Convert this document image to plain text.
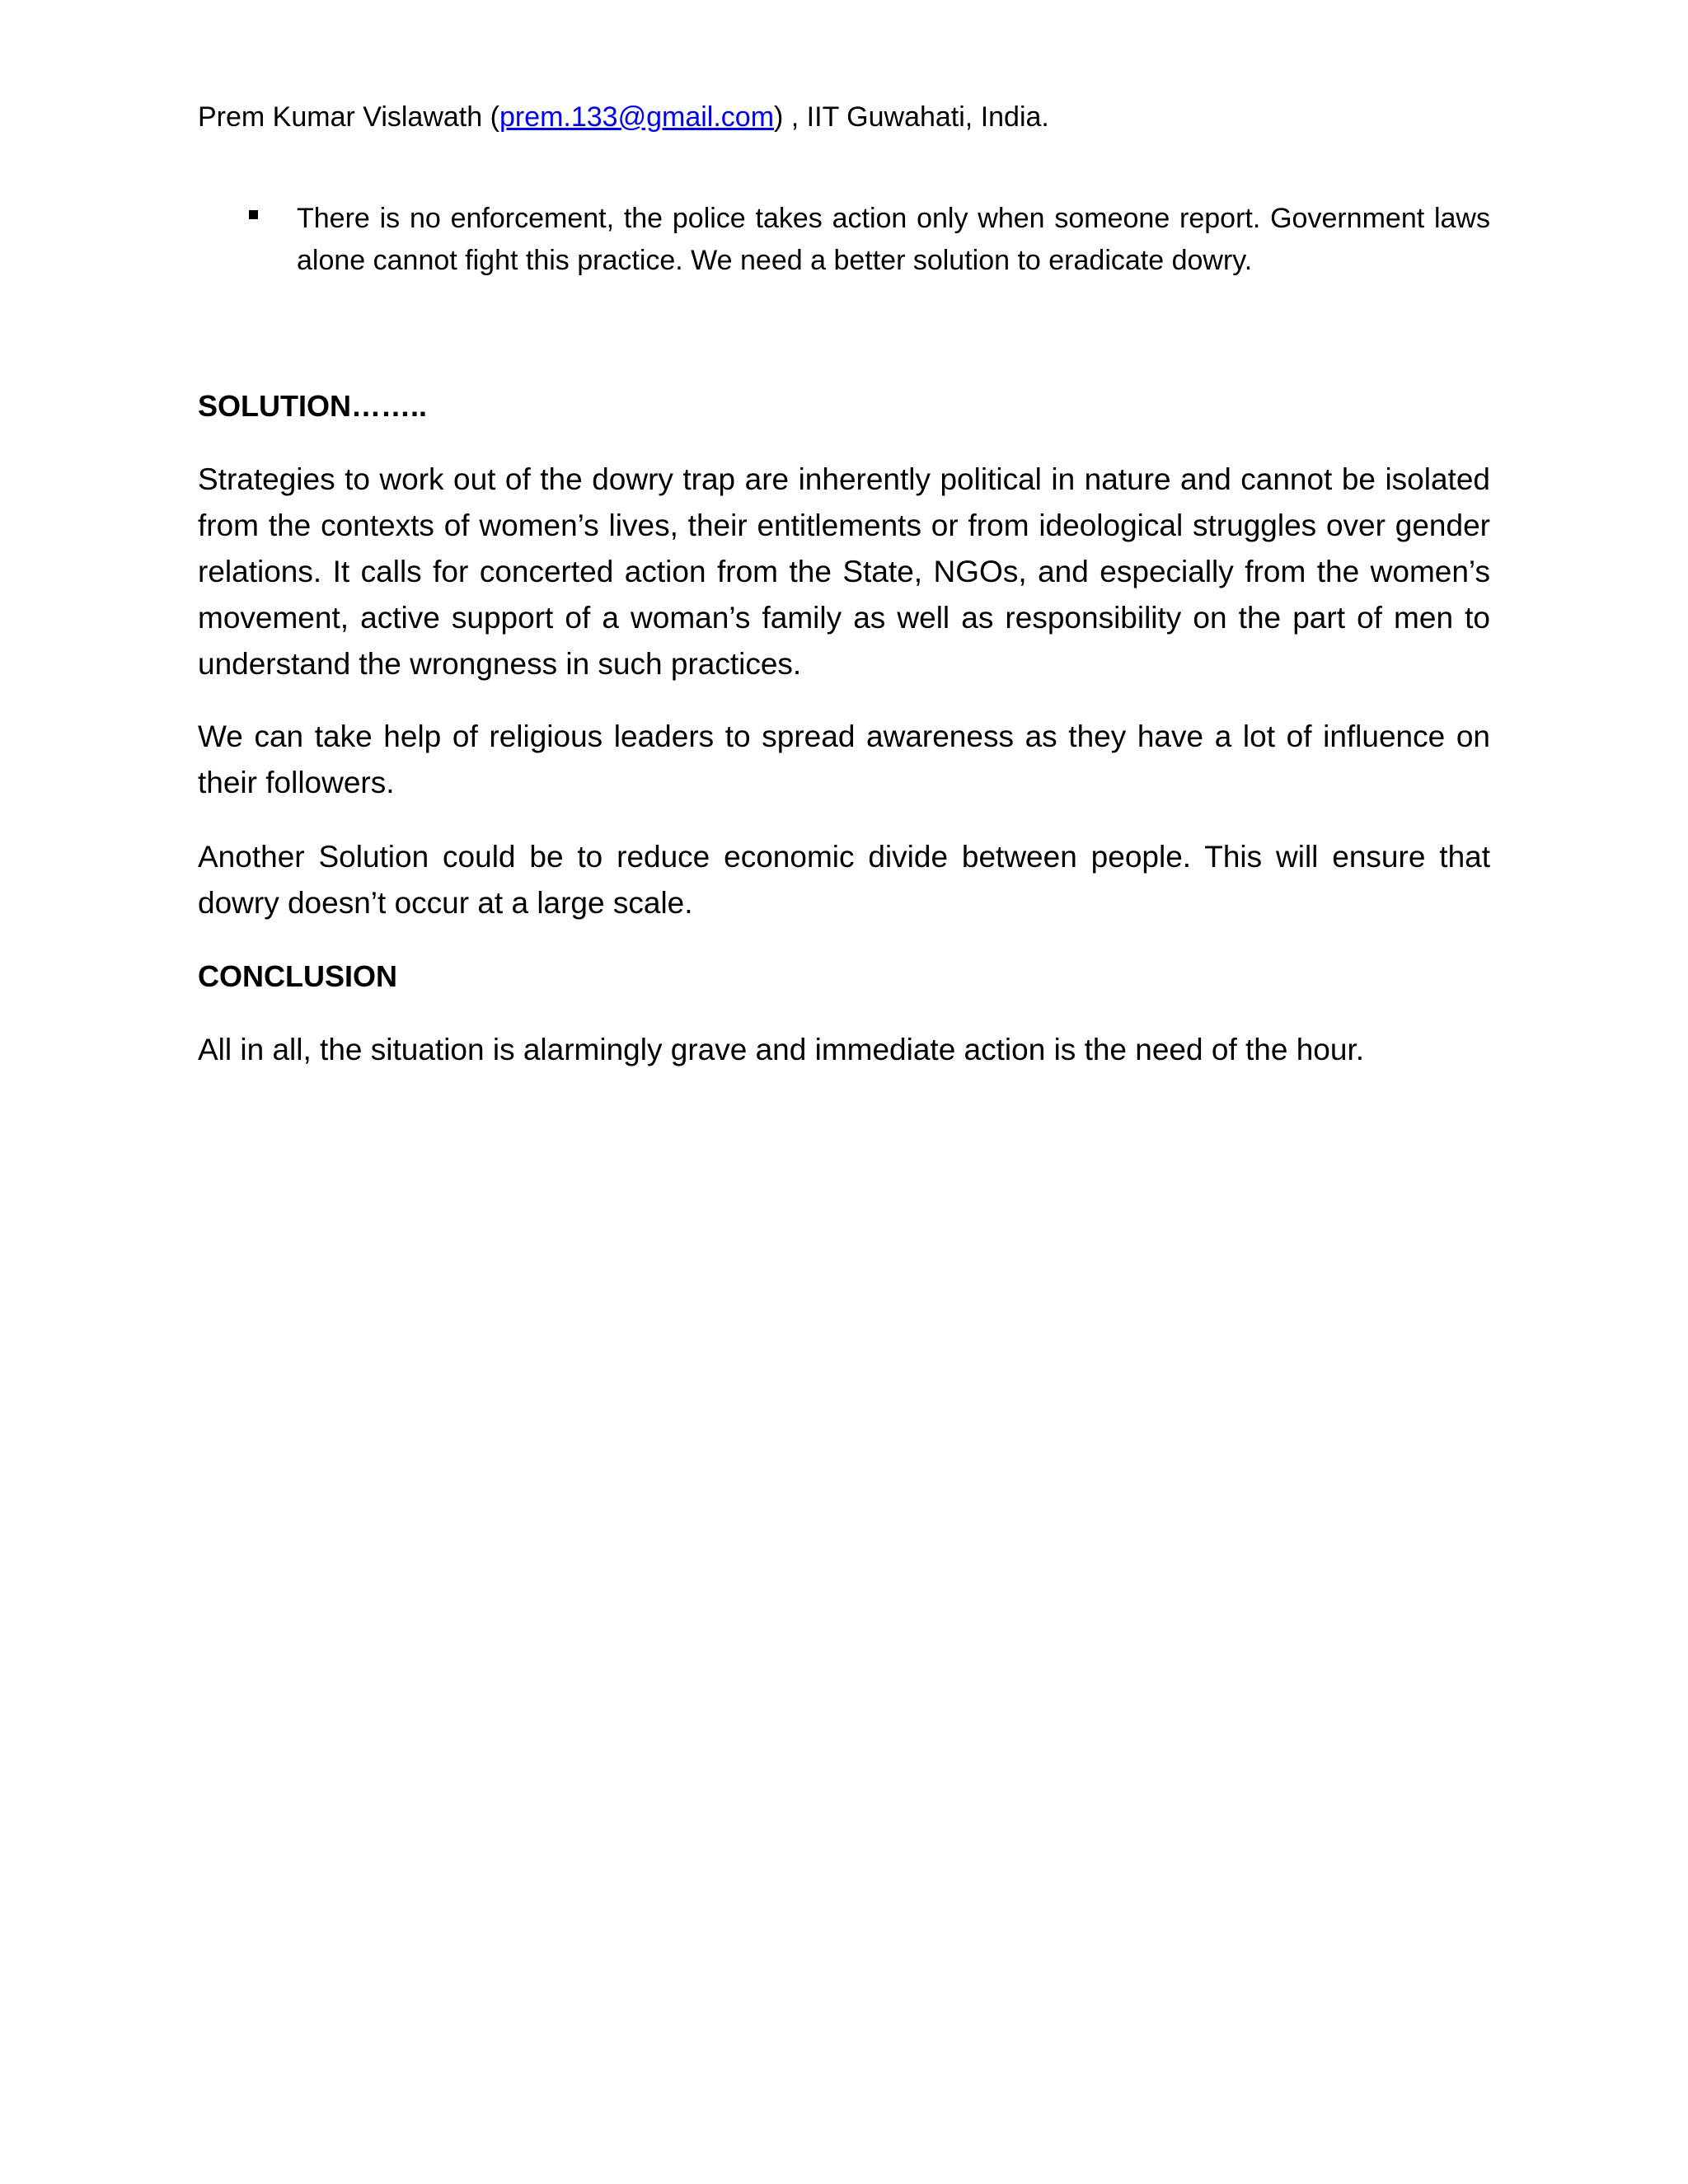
Prem Kumar Vislawath (prem.133@gmail.com) , IIT Guwahati, India.
There is no enforcement, the police takes action only when someone report. Government laws alone cannot fight this practice. We need a better solution to eradicate dowry.
SOLUTION……..
Strategies to work out of the dowry trap are inherently political in nature and cannot be isolated from the contexts of women’s lives, their entitlements or from ideological struggles over gender relations. It calls for concerted action from the State, NGOs, and especially from the women’s movement, active support of a woman’s family as well as responsibility on the part of men to understand the wrongness in such practices.
We can take help of religious leaders to spread awareness as they have a lot of influence on their followers.
Another Solution could be to reduce economic divide between people. This will ensure that dowry doesn’t occur at a large scale.
CONCLUSION
All in all, the situation is alarmingly grave and immediate action is the need of the hour.
